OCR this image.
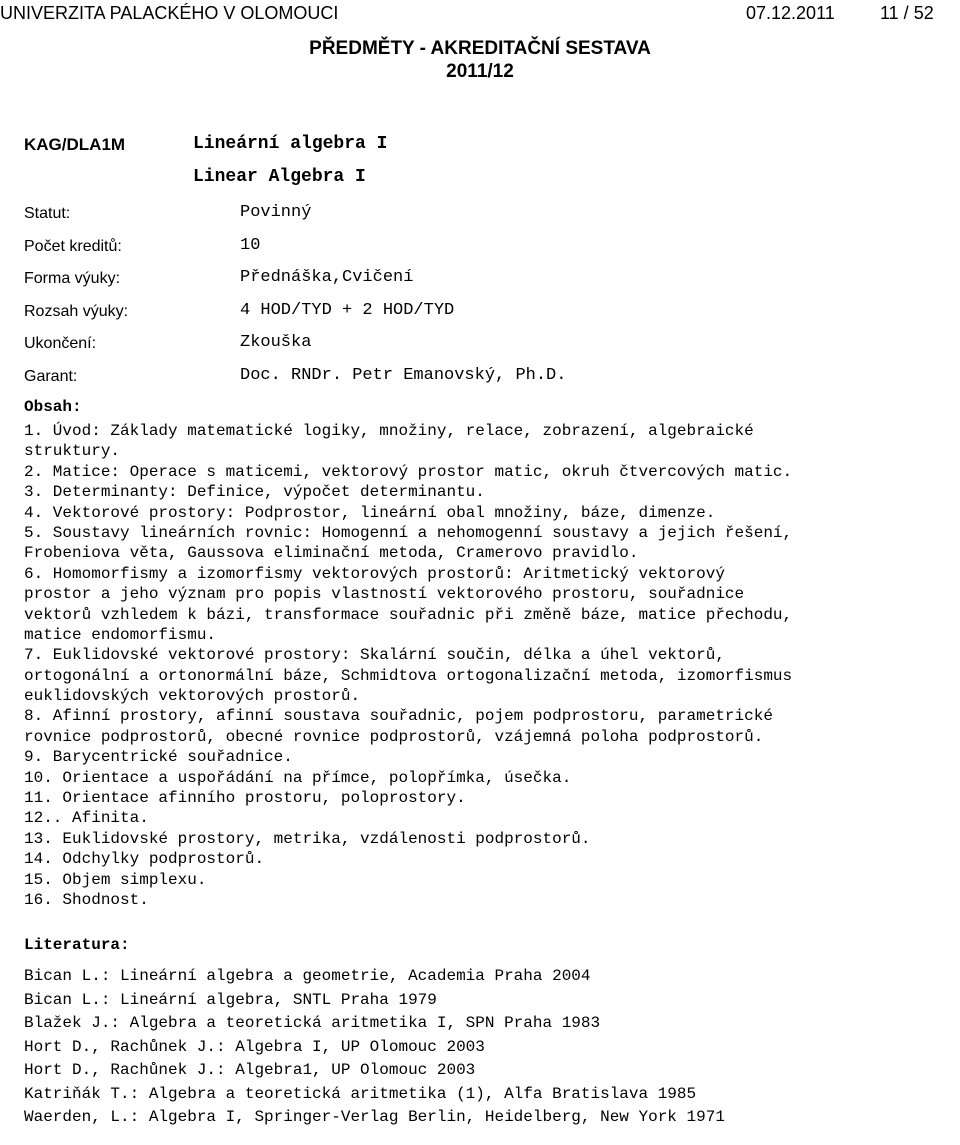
UNIVERZITA PALACKÉHO V OLOMOUCI	07.12.2011	11 / 52
PŘEDMĚTY - AKREDITAČNÍ SESTAVA
2011/12
KAG/DLA1M	Lineární algebra I
Linear Algebra I
Statut:	Povinný
Počet kreditů:	10
Forma výuky:	Přednáška,Cvičení
Rozsah výuky:	4 HOD/TYD + 2 HOD/TYD
Ukončení:	Zkouška
Garant:	Doc. RNDr. Petr Emanovský, Ph.D.
Obsah:
1. Úvod: Základy matematické logiky, množiny, relace, zobrazení, algebraické
struktury.
2. Matice: Operace s maticemi, vektorový prostor matic, okruh čtvercových matic.
3. Determinanty: Definice, výpočet determinantu.
4. Vektorové prostory: Podprostor, lineární obal množiny, báze, dimenze.
5. Soustavy lineárních rovnic: Homogenní a nehomogenní soustavy a jejich řešení,
Frobeniova věta, Gaussova eliminační metoda, Cramerovo pravidlo.
6. Homomorfismy a izomorfismy vektorových prostorů: Aritmetický vektorový
prostor a jeho význam pro popis vlastností vektorového prostoru, souřadnice
vektorů vzhledem k bázi, transformace souřadnic při změně báze, matice přechodu,
matice endomorfismu.
7. Euklidovské vektorové prostory: Skalární součin, délka a úhel vektorů,
ortogonální a ortonormální báze, Schmidtova ortogonalizační metoda, izomorfismus
euklidovských vektorových prostorů.
8. Afinní prostory, afinní soustava souřadnic, pojem podprostoru, parametrické
rovnice podprostorů, obecné rovnice podprostorů, vzájemná poloha podprostorů.
9. Barycentrické souřadnice.
10. Orientace a uspořádání na přímce, polopřímka, úsečka.
11. Orientace afinního prostoru, poloprostory.
12.. Afinita.
13. Euklidovské prostory, metrika, vzdálenosti podprostorů.
14. Odchylky podprostorů.
15. Objem simplexu.
16. Shodnost.
Literatura:
Bican L.: Lineární algebra a geometrie, Academia Praha 2004
Bican L.: Lineární algebra, SNTL Praha 1979
Blažek J.: Algebra a teoretická aritmetika I, SPN Praha 1983
Hort D., Rachůnek J.: Algebra I, UP Olomouc 2003
Hort D., Rachůnek J.: Algebra1, UP Olomouc 2003
Katriňák T.: Algebra a teoretická aritmetika (1), Alfa Bratislava 1985
Waerden, L.: Algebra I, Springer-Verlag Berlin, Heidelberg, New York 1971
